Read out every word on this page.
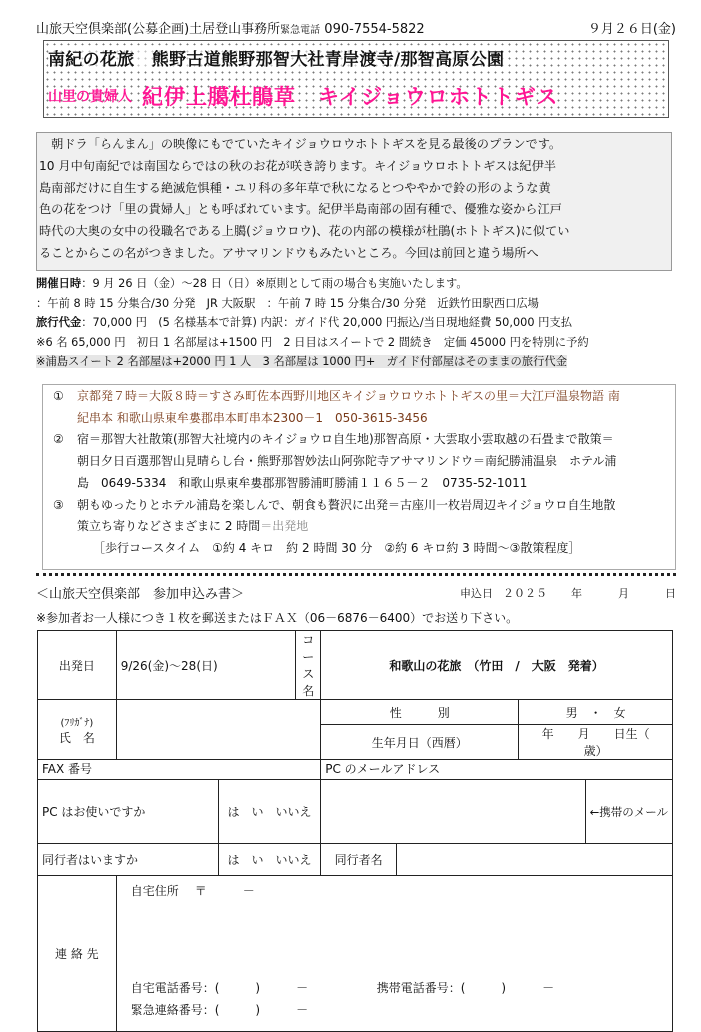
山旅天空倶楽部(公募企画)土居登山事務所緊急電話 090-7554-5822	９月２６日(金)
南紀の花旅　熊野古道熊野那智大社青岸渡寺/那智高原公園
山里の貴婦人 紀伊上臈杜鵑草　キイジョウロホトトギス

　朝ドラ「らんまん」の映像にもでていたキイジョウロウホトトギスを見る最後のプランです。

10 月中旬南紀では南国ならではの秋のお花が咲き誇ります。キイジョウロホトトギスは紀伊半

島南部だけに自生する絶滅危惧種・ユリ科の多年草で秋になるとつややかで鈴の形のような黄

色の花をつけ「里の貴婦人」とも呼ばれています。紀伊半島南部の固有種で、優雅な姿から江戸

時代の大奥の女中の役職名である上臈(ジョウロウ)、花の内部の模様が杜鵑(ホトトギス)に似てい

ることからこの名がつきました。アサマリンドウもみたいところ。今回は前回と違う場所へ

開催日時：9 月 26 日（金）～28 日（日）※原則として雨の場合も実施いたします。
：午前 8 時 15 分集合/30 分発　JR 大阪駅　：午前 7 時 15 分集合/30 分発　近鉄竹田駅西口広場
旅行代金：70,000 円　(5 名様基本で計算) 内訳：ガイド代 20,000 円振込/当日現地経費 50,000 円支払
※6 名 65,000 円　初日 1 名部屋は+1500 円　2 日目はスイートで 2 間続き　定価 45000 円を特別に予約
※浦島スイート 2 名部屋は+2000 円 1 人　3 名部屋は 1000 円+　ガイド付部屋はそのままの旅行代金
①	京都発７時＝大阪８時＝すさみ町佐本西野川地区キイジョウロウホトトギスの里＝大江戸温泉物語 南
紀串本 和歌山県東牟婁郡串本町串本2300－1　050-3615-3456
②	宿＝那智大社散策(那智大社境内のキイジョウロ自生地)那智高原・大雲取小雲取越の石畳まで散策＝
朝日夕日百選那智山見晴らし台・熊野那智妙法山阿弥陀寺アサマリンドウ＝南紀勝浦温泉　ホテル浦
島　0649-5334　和歌山県東牟婁郡那智勝浦町勝浦１１６５－２　0735-52-1011
③	朝もゆったりとホテル浦島を楽しんで、朝食も贅沢に出発＝古座川一枚岩周辺キイジョウロ自生地散
策立ち寄りなどさまざまに 2 時間＝出発地
［歩行コースタイム　①約 4 キロ　約 2 時間 30 分　②約 6 キロ約 3 時間～③散策程度］
＜山旅天空倶楽部　参加申込み書＞	申込日 ２０２５ 年	月	日
※参加者お一人様につき１枚を郵送またはＦＡＸ（06－6876－6400）でお送り下さい。
出発日	9/26(金)～28(日)		コース名	和歌山の花旅　（竹田　/　大阪　発着）			

(ﾌﾘｶﾞﾅ)
氏　名				性　　　別		男　・　女	
				生年月日（西暦）		年　　月　　日生（　　歳）	
FAX 番号				PC のメールアドレス			
PC はお使いですか		は　い　いいえ					←携帯のメール
同行者はいますか		は　い　いいえ		同行者名			
連 絡 先	自宅住所 〒　　　－
自宅電話番号：(　　　)　　　－ 携帯電話番号：(　　　)　　　－
緊急連絡番号：(　　　)　　　－						
